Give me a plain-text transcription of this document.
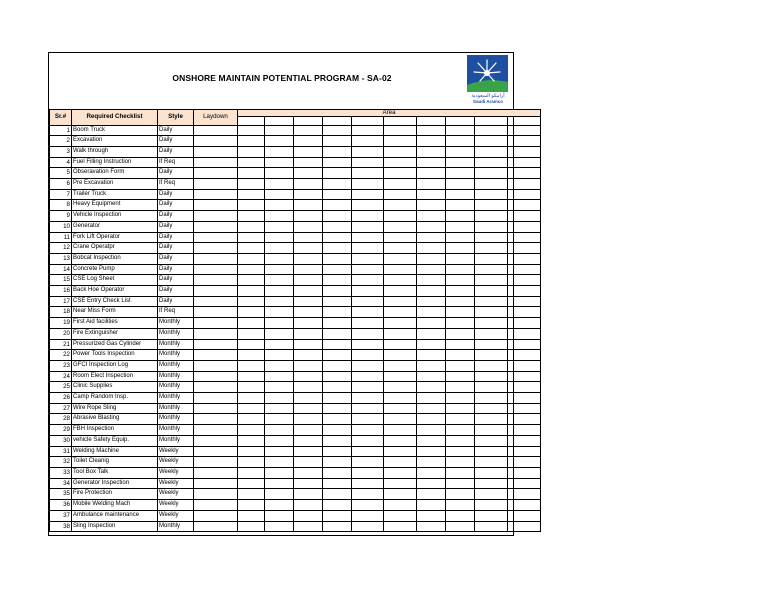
ONSHORE MAINTAIN POTENTIAL PROGRAM - SA-02
أرامكو السعودية
Saudi Aramco
Sr.#	Required Checklist	Style	Laydown	Area									

1	Boom Truck	Daily											
2	Excavation	Daily											
3	Walk through	Daily											
4	Fuel Filling Instruction	If Req											
5	Obseravation Form	Daily											
6	Pre Excavation	If Req											
7	Trailer Truck	Daily											
8	Heavy Equipment	Daily											
9	Vehicle Inspection	Daily											
10	Generator	Daily											
11	Fork Lift Operator	Daily											
12	Crane Operatpr	Daily											
13	Bobcat Inspection	Daily											
14	Concrete Pump	Daily											
15	CSE Log Sheet	Daily											
16	Back Hoe Operator	Daily											
17	CSE Entry Check List	Daily											
18	Near Miss Form	If Req											
19	First Aid facilities	Monthly											
20	Fire Extinguisher	Monthly											
21	Pressurized Gas Cylinder	Monthly											
22	Power Tools Inspection	Monthly											
23	GFCI Inspection Log	Monthly											
24	Room Elect Inspection	Monthly											
25	Clinic Supplies	Monthly											
26	Camp Random Insp.	Monthly											
27	Wire Rope Sling	Monthly											
28	Abrasive Blasting	Monthly											
29	FBH Inspection	Monthly											
30	vehicle Safety Equip.	Monthly											
31	Welding Machine	Weekly											
32	Toilet Cleanig	Weekly											
33	Tool Box Talk	Weekly											
34	Generator Inspection	Weekly											
35	Fire Protection	Weekly											
36	Mobile Welding Mach	Weekly											
37	Ambulance maintenance	Weekly											
38	Sling Inspection	Monthly											
